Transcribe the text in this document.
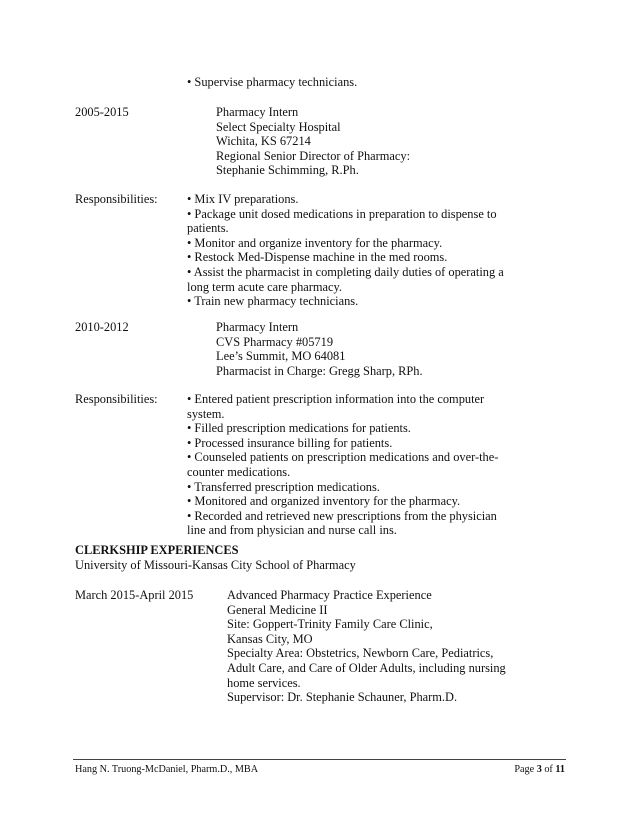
• Supervise pharmacy technicians.
2005-2015	Pharmacy Intern
Select Specialty Hospital
Wichita, KS 67214
Regional Senior Director of Pharmacy:
Stephanie Schimming, R.Ph.
Responsibilities: • Mix IV preparations.
• Package unit dosed medications in preparation to dispense to
patients.
• Monitor and organize inventory for the pharmacy.
• Restock Med-Dispense machine in the med rooms.
• Assist the pharmacist in completing daily duties of operating a
long term acute care pharmacy.
• Train new pharmacy technicians.
2010-2012	Pharmacy Intern
CVS Pharmacy #05719
Lee’s Summit, MO 64081
Pharmacist in Charge: Gregg Sharp, RPh.
Responsibilities: • Entered patient prescription information into the computer
system.
• Filled prescription medications for patients.
• Processed insurance billing for patients.
• Counseled patients on prescription medications and over-the-
counter medications.
• Transferred prescription medications.
• Monitored and organized inventory for the pharmacy.
• Recorded and retrieved new prescriptions from the physician
line and from physician and nurse call ins.
CLERKSHIP EXPERIENCES
University of Missouri-Kansas City School of Pharmacy
March 2015-April 2015	Advanced Pharmacy Practice Experience
General Medicine II
Site: Goppert-Trinity Family Care Clinic,
Kansas City, MO
Specialty Area: Obstetrics, Newborn Care, Pediatrics,
Adult Care, and Care of Older Adults, including nursing
home services.
Supervisor: Dr. Stephanie Schauner, Pharm.D.
Hang N. Truong-McDaniel, Pharm.D., MBA	Page 3 of 11
